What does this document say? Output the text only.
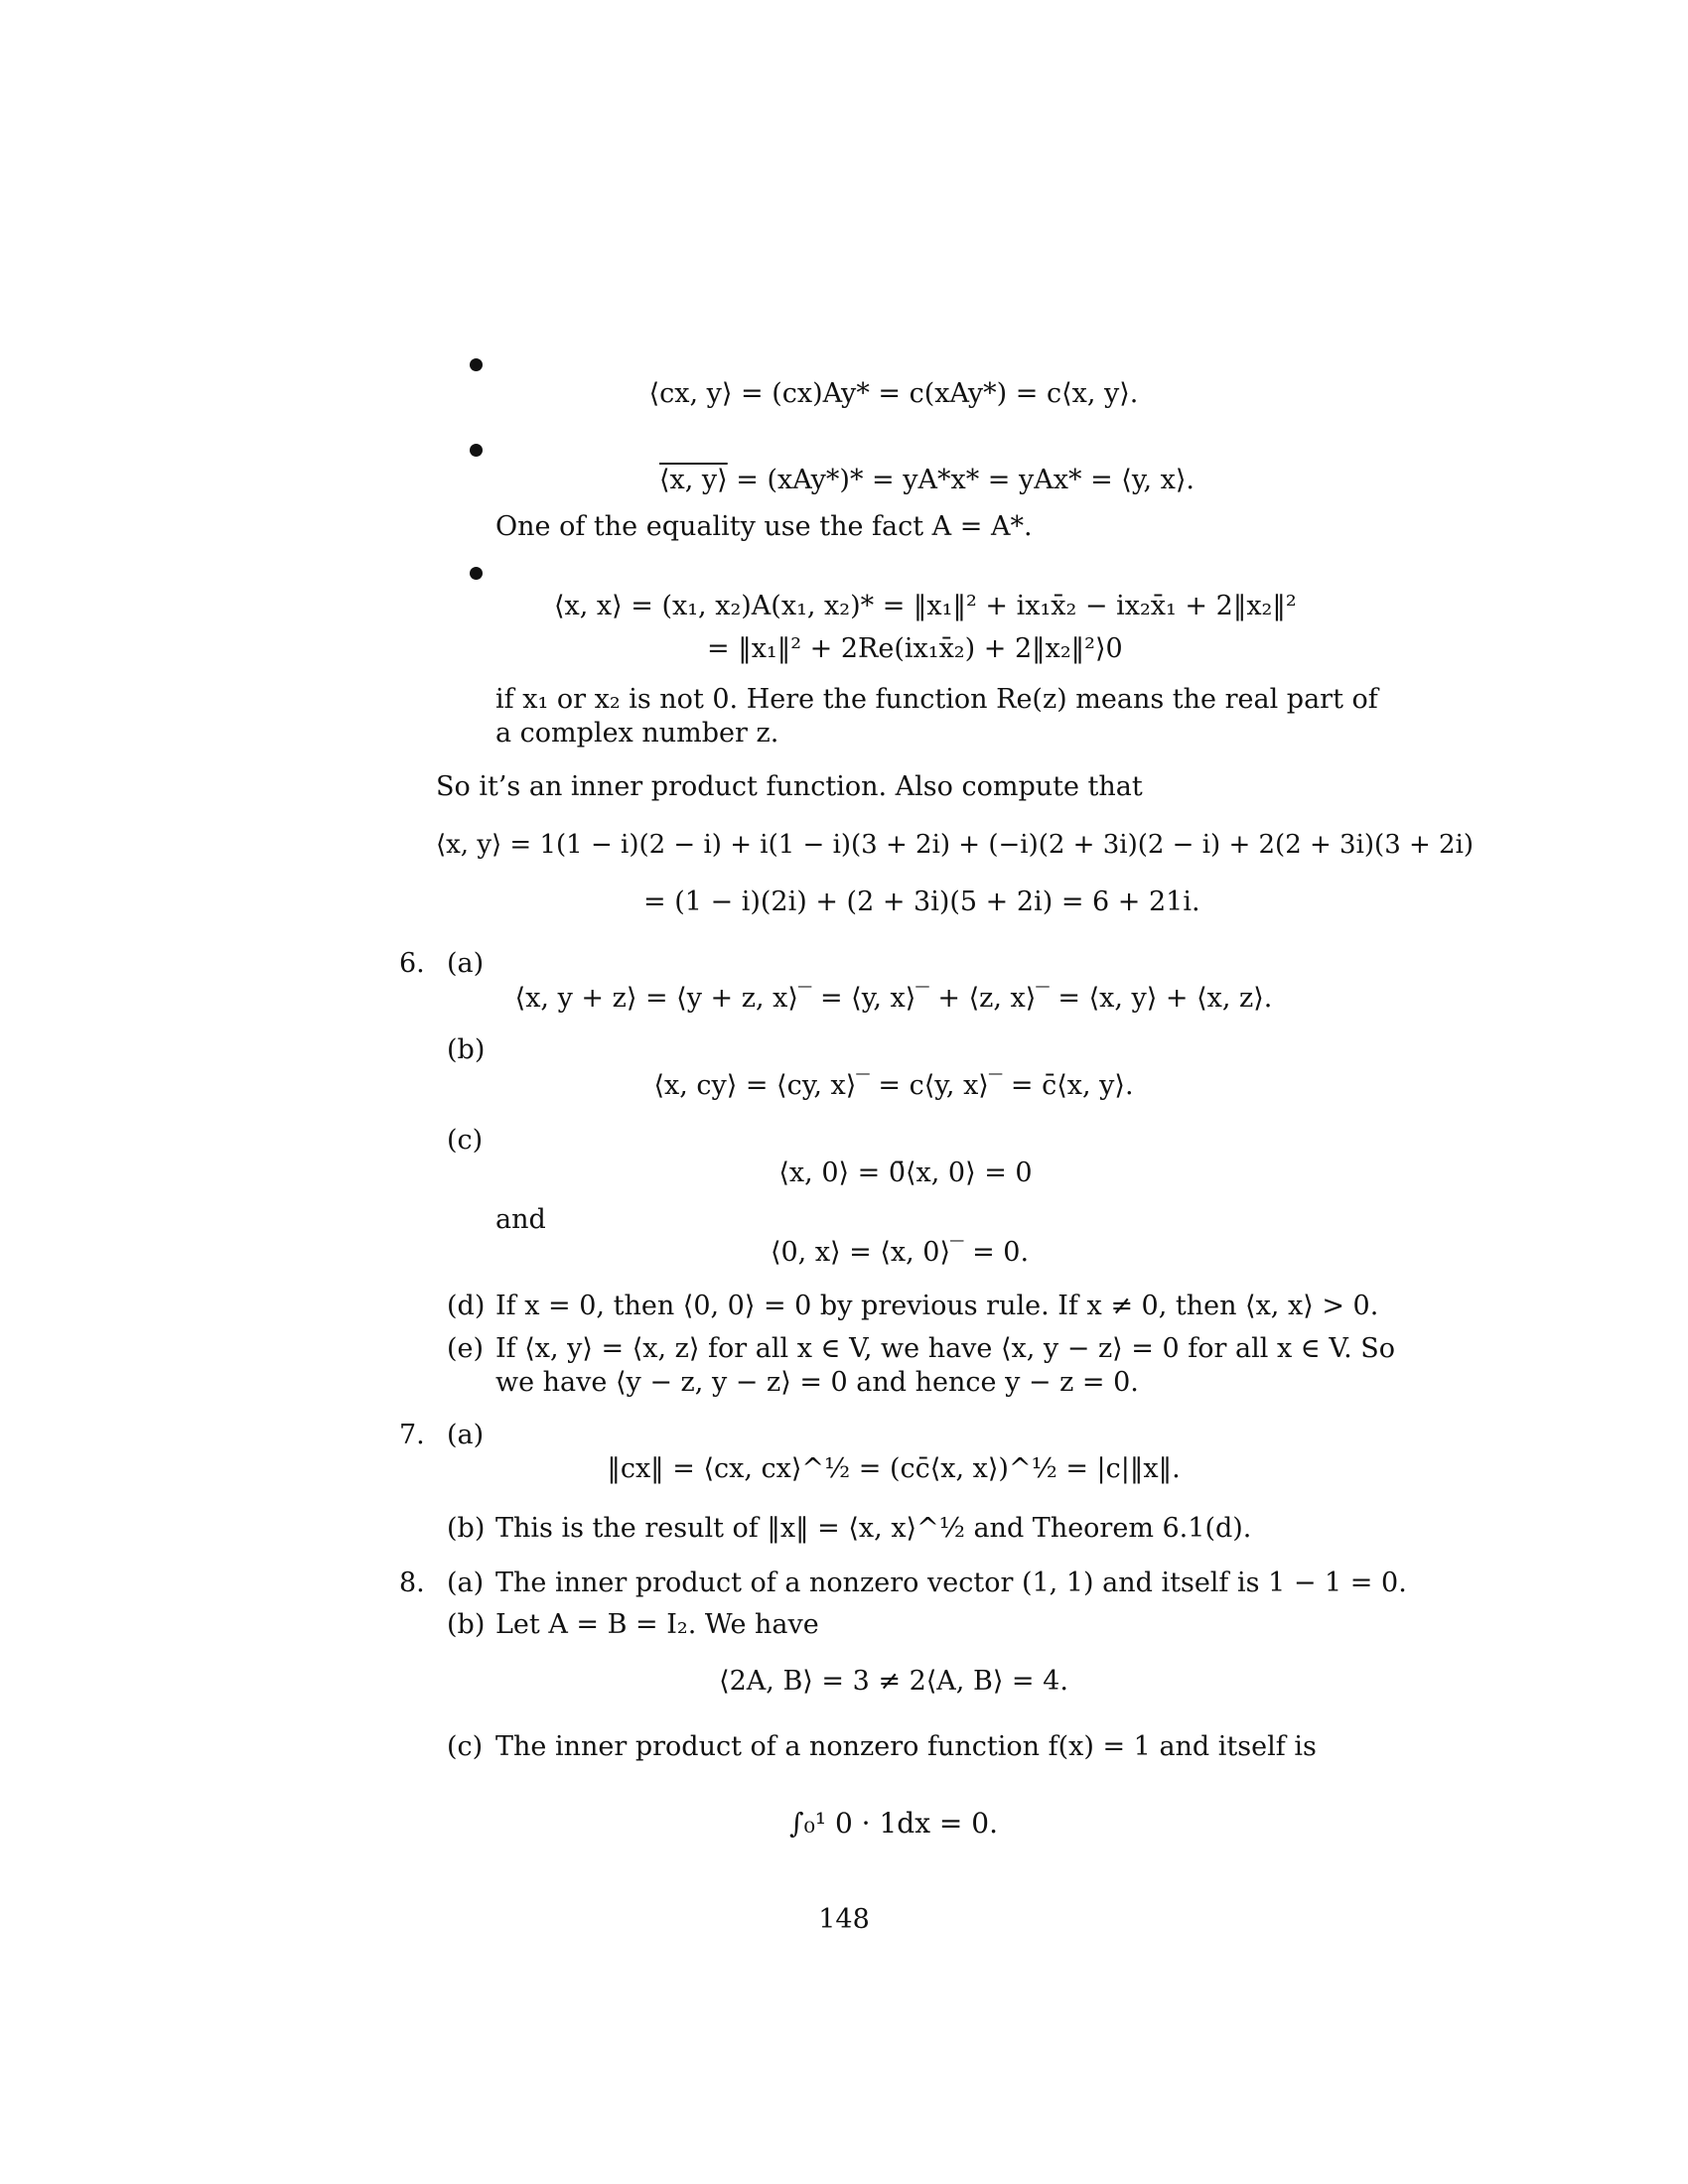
⟨cx, y⟩ = (cx)Ay* = c(xAy*) = c⟨x, y⟩.
⟨x, y⟩ = (xAy*)* = yA*x* = yAx* = ⟨y, x⟩.
One of the equality use the fact A = A*.
⟨x, x⟩ = (x₁, x₂)A(x₁, x₂)* = ‖x₁‖² + ix₁x̄₂ − ix₂x̄₁ + 2‖x₂‖²
= ‖x₁‖² + 2Re(ix₁x̄₂) + 2‖x₂‖²⟩0
if x₁ or x₂ is not 0. Here the function Re(z) means the real part of
a complex number z.
So it’s an inner product function. Also compute that
⟨x, y⟩ = 1(1 − i)(2 − i) + i(1 − i)(3 + 2i) + (−i)(2 + 3i)(2 − i) + 2(2 + 3i)(3 + 2i)
= (1 − i)(2i) + (2 + 3i)(5 + 2i) = 6 + 21i.
6. (a)
⟨x, y + z⟩ = ⟨y + z, x⟩‾ = ⟨y, x⟩‾ + ⟨z, x⟩‾ = ⟨x, y⟩ + ⟨x, z⟩.
(b)
⟨x, cy⟩ = ⟨cy, x⟩‾ = c⟨y, x⟩‾ = c̄⟨x, y⟩.
(c)
⟨x, 0⟩ = 0̄⟨x, 0⟩ = 0
and
⟨0, x⟩ = ⟨x, 0⟩‾ = 0.
(d) If x = 0, then ⟨0, 0⟩ = 0 by previous rule. If x ≠ 0, then ⟨x, x⟩ > 0.
(e) If ⟨x, y⟩ = ⟨x, z⟩ for all x ∈ V, we have ⟨x, y − z⟩ = 0 for all x ∈ V. So
we have ⟨y − z, y − z⟩ = 0 and hence y − z = 0.
7. (a)
‖cx‖ = ⟨cx, cx⟩^½ = (cc̄⟨x, x⟩)^½ = |c|‖x‖.
(b) This is the result of ‖x‖ = ⟨x, x⟩^½ and Theorem 6.1(d).
8. (a) The inner product of a nonzero vector (1, 1) and itself is 1 − 1 = 0.
(b) Let A = B = I₂. We have
⟨2A, B⟩ = 3 ≠ 2⟨A, B⟩ = 4.
(c) The inner product of a nonzero function f(x) = 1 and itself is
∫₀¹ 0 · 1dx = 0.
148
